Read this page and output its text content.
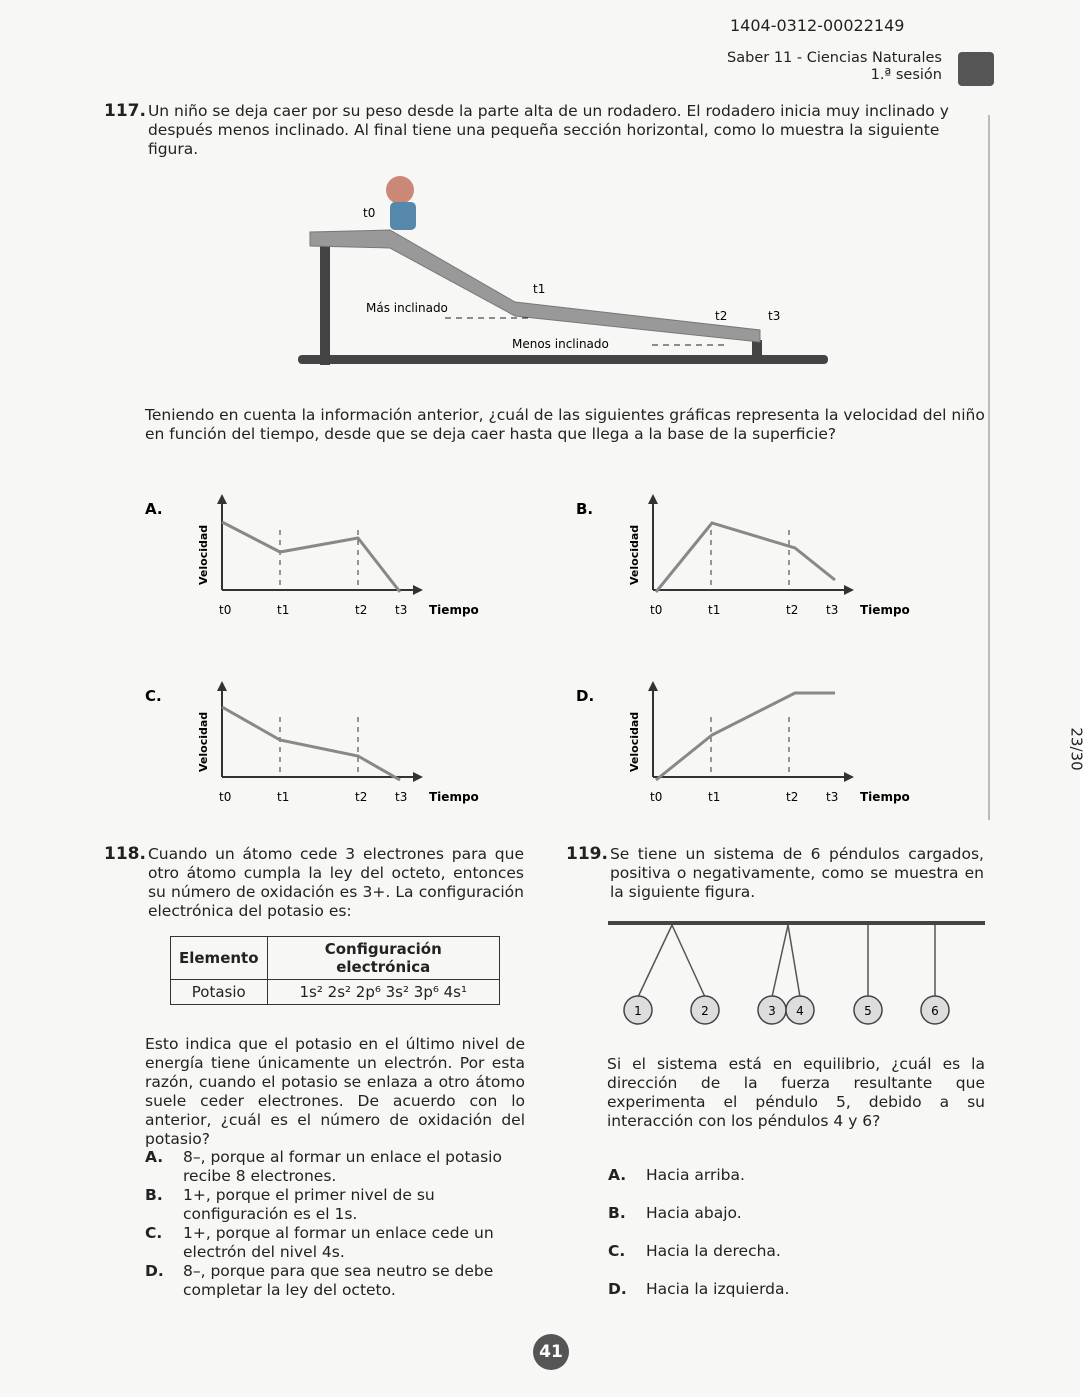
1404-0312-00022149
Saber 11 - Ciencias Naturales
1.ª sesión
117. Un niño se deja caer por su peso desde la parte alta de un rodadero. El rodadero inicia muy inclinado y después menos inclinado. Al final tiene una pequeña sección horizontal, como lo muestra la siguiente figura.
t0
t1
t2	t3
Más inclinado
Menos inclinado
Teniendo en cuenta la información anterior, ¿cuál de las siguientes gráficas representa la velocidad del niño en función del tiempo, desde que se deja caer hasta que llega a la base de la superficie?
A.
Velocidad
Tiempo
t0	t1	t2 t3
B.
Velocidad
Tiempo
t0	t1	t2 t3
C.
Velocidad
Tiempo
t0	t1	t2 t3
D.
Velocidad
Tiempo
t0	t1	t2 t3
118. Cuando un átomo cede 3 electrones para que otro átomo cumpla la ley del octeto, entonces su número de oxidación es 3+. La configuración electrónica del potasio es:
Elemento	Configuración electrónica
Potasio	1s² 2s² 2p⁶ 3s² 3p⁶ 4s¹
Esto indica que el potasio en el último nivel de energía tiene únicamente un electrón. Por esta razón, cuando el potasio se enlaza a otro átomo suele ceder electrones. De acuerdo con lo anterior, ¿cuál es el número de oxidación del potasio?
A. 8–, porque al formar un enlace el potasio recibe 8 electrones.
B. 1+, porque el primer nivel de su configuración es el 1s.
C. 1+, porque al formar un enlace cede un electrón del nivel 4s.
D. 8–, porque para que sea neutro se debe completar la ley del octeto.
119. Se tiene un sistema de 6 péndulos cargados, positiva o negativamente, como se muestra en la siguiente figura.
1	2	3 4	5	6
Si el sistema está en equilibrio, ¿cuál es la dirección de la fuerza resultante que experimenta el péndulo 5, debido a su interacción con los péndulos 4 y 6?
A. Hacia arriba.
B. Hacia abajo.
C. Hacia la derecha.
D. Hacia la izquierda.
23/30
41
